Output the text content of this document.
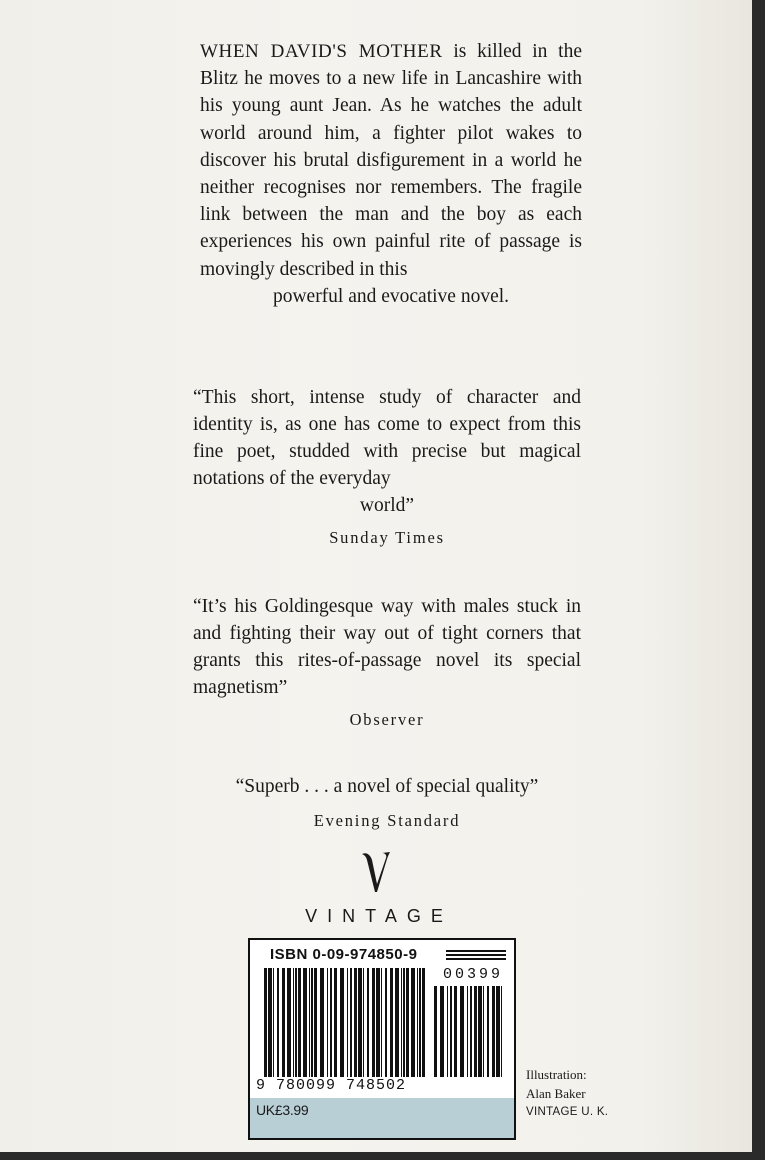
WHEN DAVID'S MOTHER is killed in the Blitz he moves to a new life in Lancashire with his young aunt Jean. As he watches the adult world around him, a fighter pilot wakes to discover his brutal disfigurement in a world he neither recognises nor remembers. The fragile link between the man and the boy as each experiences his own painful rite of passage is movingly described in this
powerful and evocative novel.
“This short, intense study of character and identity is, as one has come to expect from this fine poet, studded with precise but magical notations of the everyday
world”
Sunday Times
“It’s his Goldingesque way with males stuck in and fighting their way out of tight corners that grants this rites-of-passage novel its special magnetism”
Observer
“Superb . . . a novel of special quality”
Evening Standard
VINTAGE
ISBN 0-09-974850-9
00399
9 780099 748502
UK£3.99
Illustration:
Alan Baker
VINTAGE U. K.
